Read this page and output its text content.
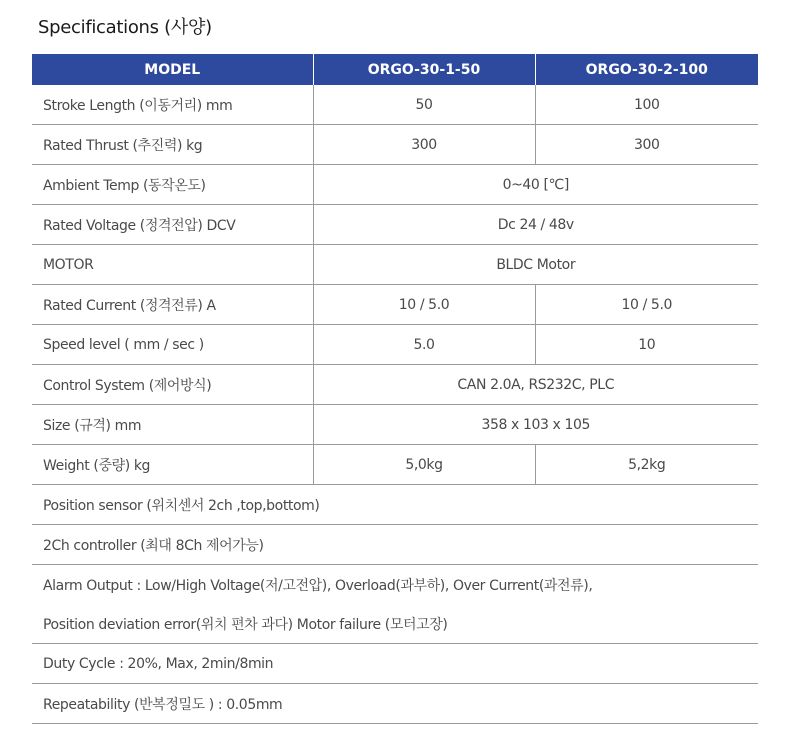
Specifications (사양)
MODEL	ORGO-30-1-50	ORGO-30-2-100
Stroke Length (이동거리) mm	50	100
Rated Thrust (추진력) kg	300	300
Ambient Temp (동작온도)	0~40 [℃]	
Rated Voltage (정격전압) DCV	Dc 24 / 48v	
MOTOR	BLDC Motor	
Rated Current (정격전류) A	10 / 5.0	10 / 5.0
Speed level ( mm / sec )	5.0	10
Control System (제어방식)	CAN 2.0A, RS232C, PLC	
Size (규격) mm	358 x 103 x 105	
Weight (중량) kg	5,0kg	5,2kg
Position sensor (위치센서 2ch ,top,bottom)		
2Ch controller (최대 8Ch 제어가능)		
Alarm Output : Low/High Voltage(저/고전압), Overload(과부하), Over Current(과전류),		
Position deviation error(위치 편차 과다) Motor failure (모터고장)		
Duty Cycle : 20%, Max, 2min/8min		
Repeatability (반복정밀도 ) : 0.05mm		
